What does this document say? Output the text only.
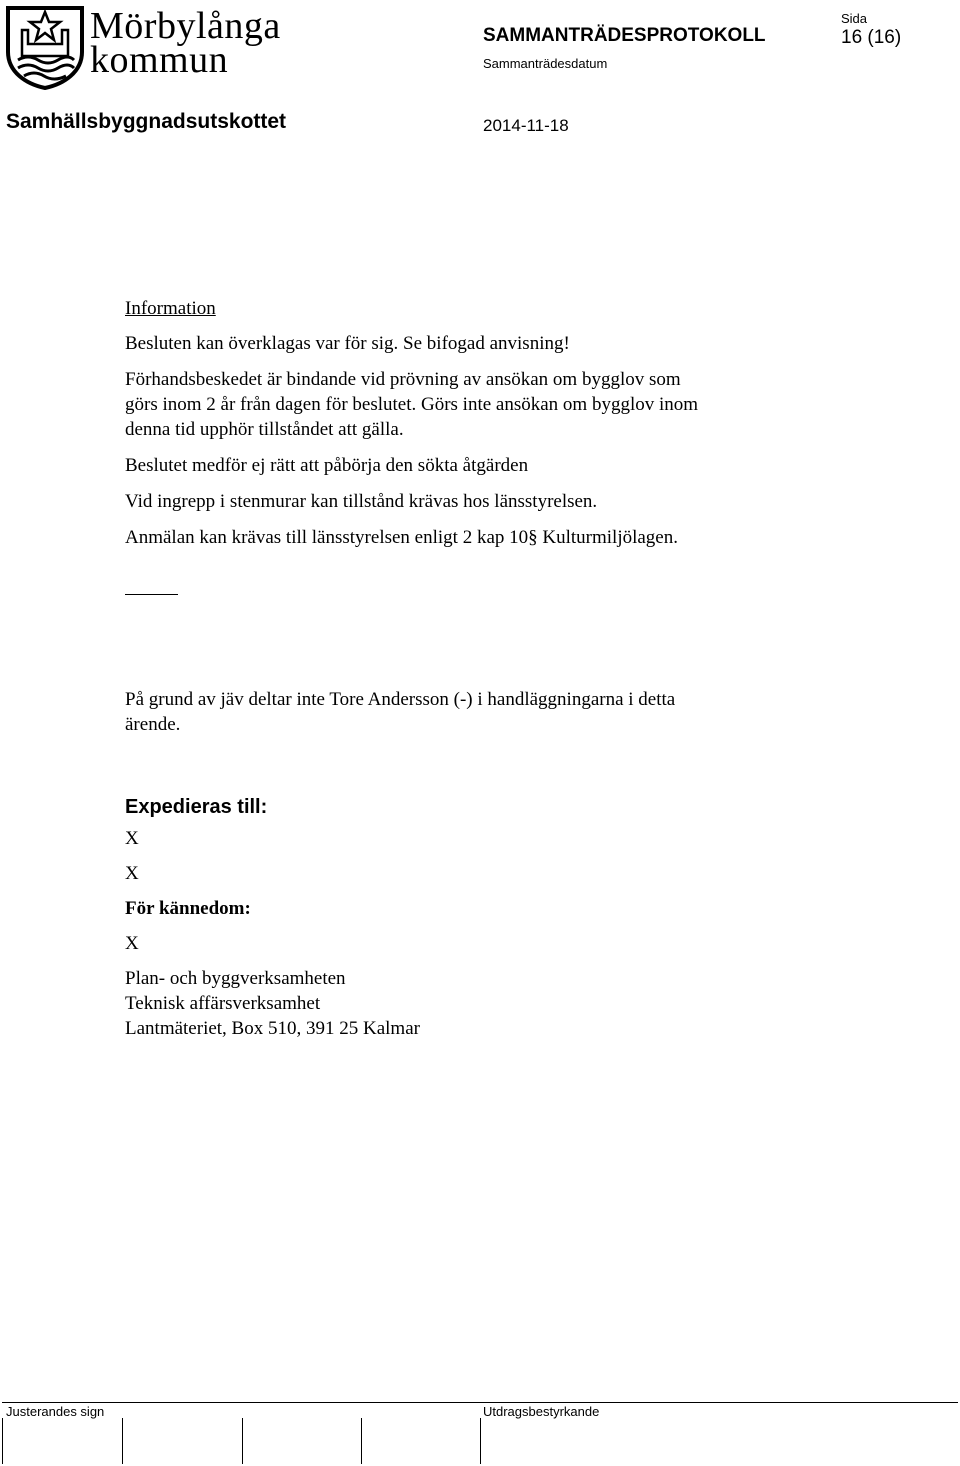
Mörbylånga
kommun
SAMMANTRÄDESPROTOKOLL
Sammanträdesdatum
Sida
16 (16)
Samhällsbyggnadsutskottet	2014-11-18

Information

Besluten kan överklagas var för sig. Se bifogad anvisning!

Förhandsbeskedet är bindande vid prövning av ansökan om bygglov som

görs inom 2 år från dagen för beslutet. Görs inte ansökan om bygglov inom

denna tid upphör tillståndet att gälla.

Beslutet medför ej rätt att påbörja den sökta åtgärden

Vid ingrepp i stenmurar kan tillstånd krävas hos länsstyrelsen.

Anmälan kan krävas till länsstyrelsen enligt 2 kap 10§ Kulturmiljölagen.

På grund av jäv deltar inte Tore Andersson (-) i handläggningarna i detta

ärende.

Expedieras till:

X

X

För kännedom:

X

Plan- och byggverksamheten

Teknisk affärsverksamhet

Lantmäteriet, Box 510, 391 25 Kalmar

Justerandes sign	Utdragsbestyrkande
